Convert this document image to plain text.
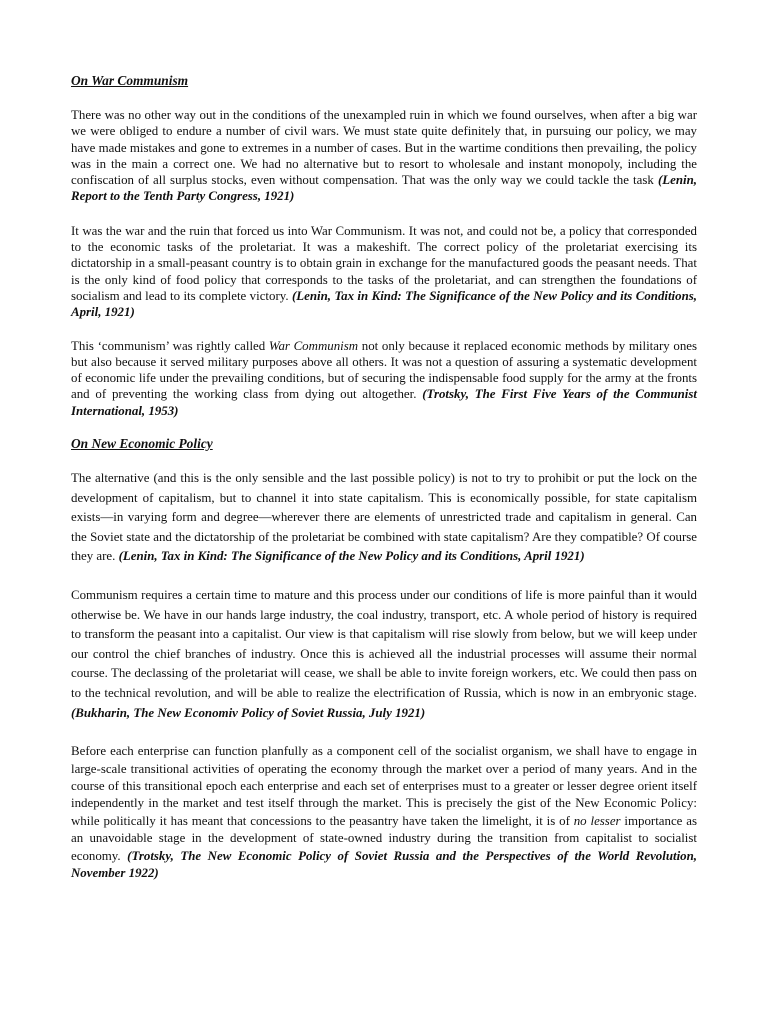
On War Communism

There was no other way out in the conditions of the unexampled ruin in which we found ourselves, when after a big war we were obliged to endure a number of civil wars. We must state quite definitely that, in pursuing our policy, we may have made mistakes and gone to extremes in a number of cases. But in the wartime conditions then prevailing, the policy was in the main a correct one. We had no alternative but to resort to wholesale and instant monopoly, including the confiscation of all surplus stocks, even without compensation. That was the only way we could tackle the task (Lenin, Report to the Tenth Party Congress, 1921)

It was the war and the ruin that forced us into War Communism. It was not, and could not be, a policy that corresponded to the economic tasks of the proletariat. It was a makeshift. The correct policy of the proletariat exercising its dictatorship in a small-peasant country is to obtain grain in exchange for the manufactured goods the peasant needs. That is the only kind of food policy that corresponds to the tasks of the proletariat, and can strengthen the foundations of socialism and lead to its complete victory. (Lenin, Tax in Kind: The Significance of the New Policy and its Conditions, April, 1921)

This ‘communism’ was rightly called War Communism not only because it replaced economic methods by military ones but also because it served military purposes above all others. It was not a question of assuring a systematic development of economic life under the prevailing conditions, but of securing the indispensable food supply for the army at the fronts and of preventing the working class from dying out altogether. (Trotsky, The First Five Years of the Communist International, 1953)

On New Economic Policy

The alternative (and this is the only sensible and the last possible policy) is not to try to prohibit or put the lock on the development of capitalism, but to channel it into state capitalism. This is economically possible, for state capitalism exists—in varying form and degree—wherever there are elements of unrestricted trade and capitalism in general. Can the Soviet state and the dictatorship of the proletariat be combined with state capitalism? Are they compatible? Of course they are. (Lenin, Tax in Kind: The Significance of the New Policy and its Conditions, April 1921)

Communism requires a certain time to mature and this process under our conditions of life is more painful than it would otherwise be. We have in our hands large industry, the coal industry, transport, etc. A whole period of history is required to transform the peasant into a capitalist. Our view is that capitalism will rise slowly from below, but we will keep under our control the chief branches of industry. Once this is achieved all the industrial processes will assume their normal course. The declassing of the proletariat will cease, we shall be able to invite foreign workers, etc. We could then pass on to the technical revolution, and will be able to realize the electrification of Russia, which is now in an embryonic stage. (Bukharin, The New Economiv Policy of Soviet Russia, July 1921)

Before each enterprise can function planfully as a component cell of the socialist organism, we shall have to engage in large-scale transitional activities of operating the economy through the market over a period of many years. And in the course of this transitional epoch each enterprise and each set of enterprises must to a greater or lesser degree orient itself independently in the market and test itself through the market. This is precisely the gist of the New Economic Policy: while politically it has meant that concessions to the peasantry have taken the limelight, it is of no lesser importance as an unavoidable stage in the development of state-owned industry during the transition from capitalist to socialist economy. (Trotsky, The New Economic Policy of Soviet Russia and the Perspectives of the World Revolution, November 1922)
